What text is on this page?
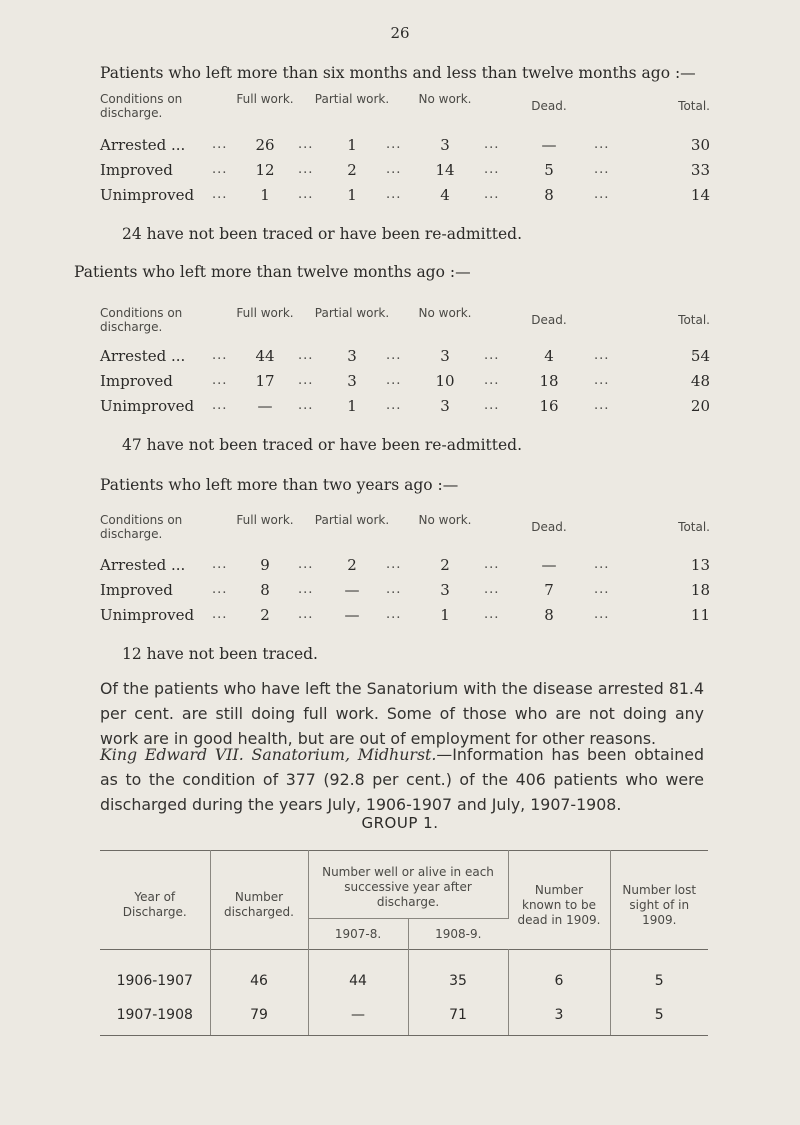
26
Patients who left more than six months and less than twelve months ago :—
Conditions on discharge.
Full work.	Partial work.	No work.	Dead.	Total.
Arrested ...	... 26	... 1	... 3	... —	... 30
Improved	... 12	... 2	... 14	... 5	... 33
Unimproved	... 1	... 1	... 4	... 8	... 14
24 have not been traced or have been re-admitted.
Patients who left more than twelve months ago :—
Conditions on discharge.
Full work.	Partial work.	No work.	Dead.	Total.
Arrested ...	... 44	... 3	... 3	... 4	... 54
Improved	... 17	... 3	... 10	... 18	... 48
Unimproved	... —	... 1	... 3	... 16	... 20
47 have not been traced or have been re-admitted.
Patients who left more than two years ago :—
Conditions on discharge.
Full work.	Partial work.	No work.	Dead.	Total.
Arrested ...	... 9	... 2	... 2	... —	... 13
Improved	... 8	... —	... 3	... 7	... 18
Unimproved	... 2	... —	... 1	... 8	... 11
12 have not been traced.
Of the patients who have left the Sanatorium with the disease arrested 81.4 per cent. are still doing full work. Some of those who are not doing any work are in good health, but are out of employment for other reasons.
King Edward VII. Sanatorium, Midhurst.—Information has been obtained as to the condition of 377 (92.8 per cent.) of the 406 patients who were discharged during the years July, 1906-1907 and July, 1907-1908.
GROUP 1.
Year of Discharge.	Number discharged.	Number well or alive in each successive year after discharge.		Number known to be dead in 1909.	Number lost sight of in 1909.
		1907-8.	1908-9.		

1906-1907	46	44	35	6	5
1907-1908	79	—	71	3	5
